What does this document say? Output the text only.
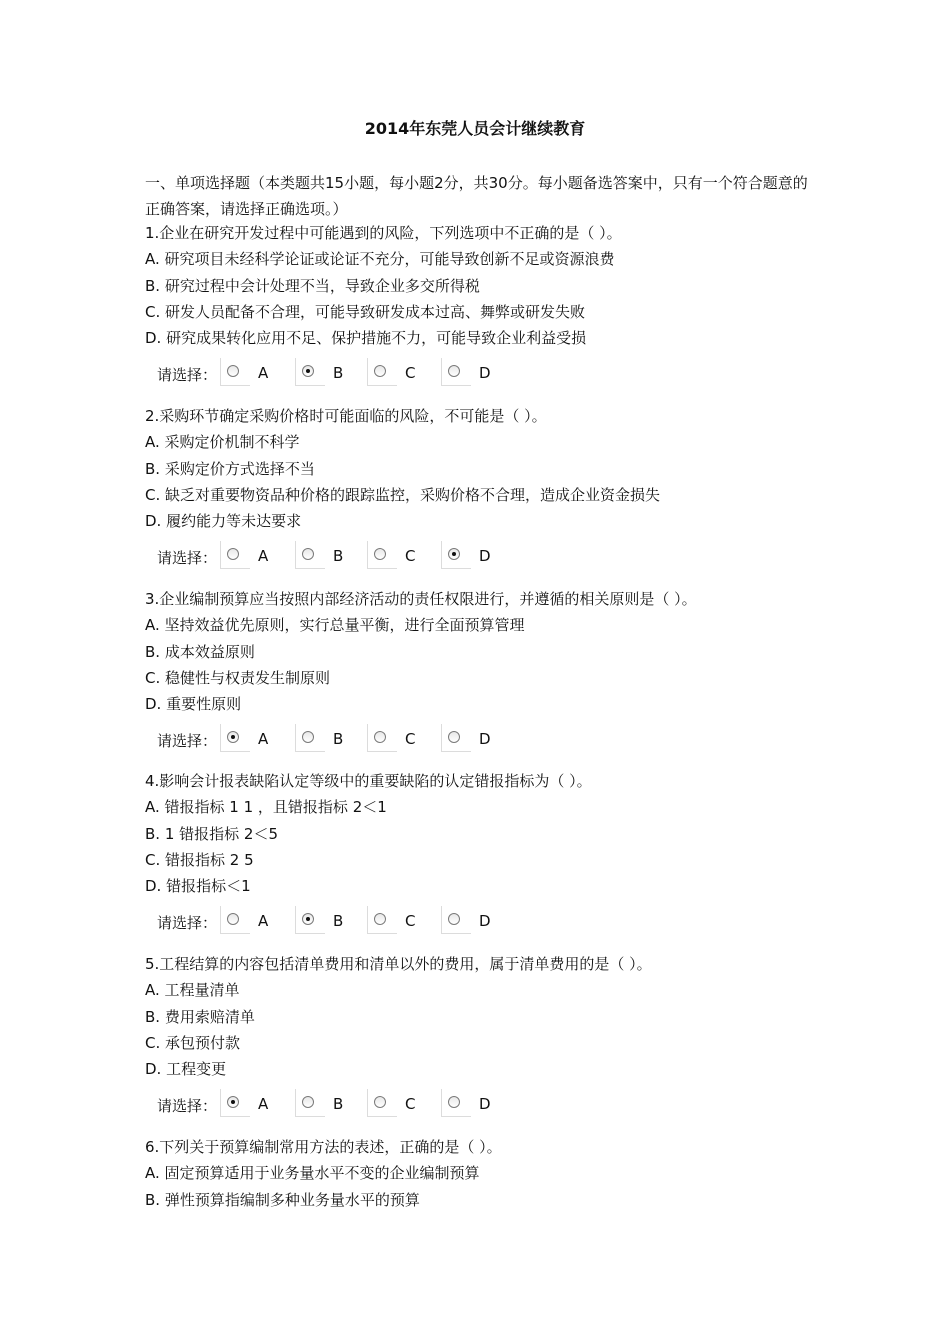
2014年东莞人员会计继续教育
一、单项选择题（本类题共15小题，每小题2分，共30分。每小题备选答案中，只有一个符合题意的正确答案，请选择正确选项。）
1.企业在研究开发过程中可能遇到的风险，下列选项中不正确的是（ ）。
A. 研究项目未经科学论证或论证不充分，可能导致创新不足或资源浪费
B. 研究过程中会计处理不当，导致企业多交所得税
C. 研发人员配备不合理，可能导致研发成本过高、舞弊或研发失败
D. 研究成果转化应用不足、保护措施不力，可能导致企业利益受损
请选择：	A	B	C	D
2.采购环节确定采购价格时可能面临的风险，不可能是（ ）。
A. 采购定价机制不科学
B. 采购定价方式选择不当
C. 缺乏对重要物资品种价格的跟踪监控，采购价格不合理，造成企业资金损失
D. 履约能力等未达要求
请选择：	A	B	C	D
3.企业编制预算应当按照内部经济活动的责任权限进行，并遵循的相关原则是（ ）。
A. 坚持效益优先原则，实行总量平衡，进行全面预算管理
B. 成本效益原则
C. 稳健性与权责发生制原则
D. 重要性原则
请选择：	A	B	C	D
4.影响会计报表缺陷认定等级中的重要缺陷的认定错报指标为（ ）。
A. 错报指标 1 1 ，且错报指标 2＜1
B. 1 错报指标 2＜5
C. 错报指标 2 5
D. 错报指标＜1
请选择：	A	B	C	D
5.工程结算的内容包括清单费用和清单以外的费用，属于清单费用的是（ ）。
A. 工程量清单
B. 费用索赔清单
C. 承包预付款
D. 工程变更
请选择：	A	B	C	D
6.下列关于预算编制常用方法的表述，正确的是（ ）。
A. 固定预算适用于业务量水平不变的企业编制预算
B. 弹性预算指编制多种业务量水平的预算
